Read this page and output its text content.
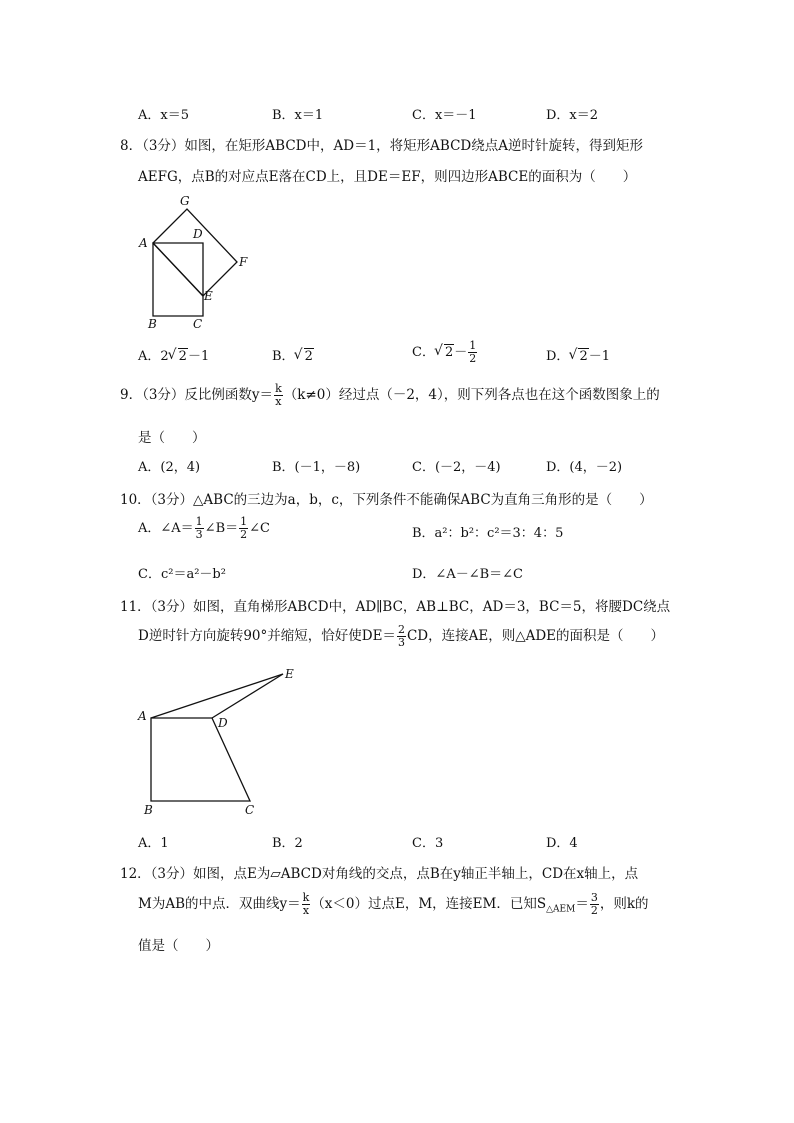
A．x＝5	B．x＝1	C．x＝－1	D．x＝2
8．（3分）如图，在矩形ABCD中，AD＝1，将矩形ABCD绕点A逆时针旋转，得到矩形
AEFG，点B的对应点E落在CD上，且DE＝EF，则四边形ABCE的面积为（　　）
G
A
D
F
E
B	C
A．2 √ 2－1	B． √ 2	C． √ $2- \frac{1}{2}$	D． √ 2－1
9．（3分）反比例函数$y= \frac{k}{x} (k\ne 0)$经过点（－2，4），则下列各点也在这个函数图象上的
是（　　）
A．(2，4)	B．(－1，－8)	C．(－2，－4)	D．(4，－2)
10．（3分）△ABC的三边为a，b，c，下列条件不能确保ABC为直角三角形的是（　　）
A．∠A＝ $\frac{1}{3}$ ∠B＝ $\frac{1}{2}$ ∠C	B．a²：b²：c²＝3：4：5
C．c²＝a²－b²	D．∠A－∠B＝∠C
11．（3分）如图，直角梯形ABCD中，AD∥BC，AB⊥BC，AD＝3，BC＝5，将腰DC绕点
D逆时针方向旋转90°并缩短，恰好使$DE= \frac{2}{3}$ CD，连接AE，则△ADE的面积是（　　）
A	D
E
B	C
A．1	B．2	C．3	D．4
12．（3分）如图，点E为▱ABCD对角线的交点，点B在y轴正半轴上，CD在x轴上，点
M为AB的中点．双曲线$y= \frac{k}{x} (x<0)$过点E，M，连接EM．已知$S_{\triangle AEM}= \frac{3}{2}$ ，则k的
值是（　　）
